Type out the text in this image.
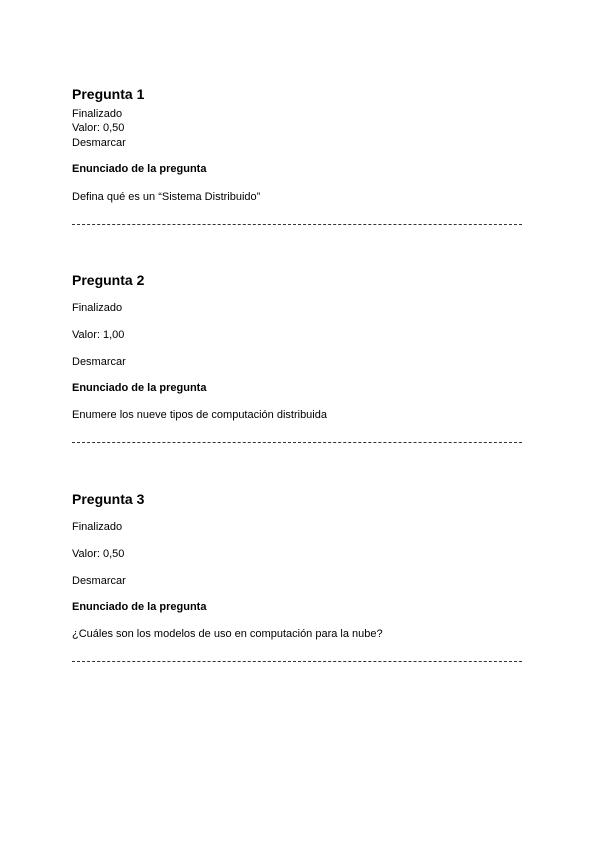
Pregunta 1
Finalizado
Valor: 0,50
Desmarcar
Enunciado de la pregunta
Defina qué es un “Sistema Distribuido”
Pregunta 2
Finalizado
Valor: 1,00
Desmarcar
Enunciado de la pregunta
Enumere los nueve tipos de computación distribuida
Pregunta 3
Finalizado
Valor: 0,50
Desmarcar
Enunciado de la pregunta
¿Cuáles son los modelos de uso en computación para la nube?
